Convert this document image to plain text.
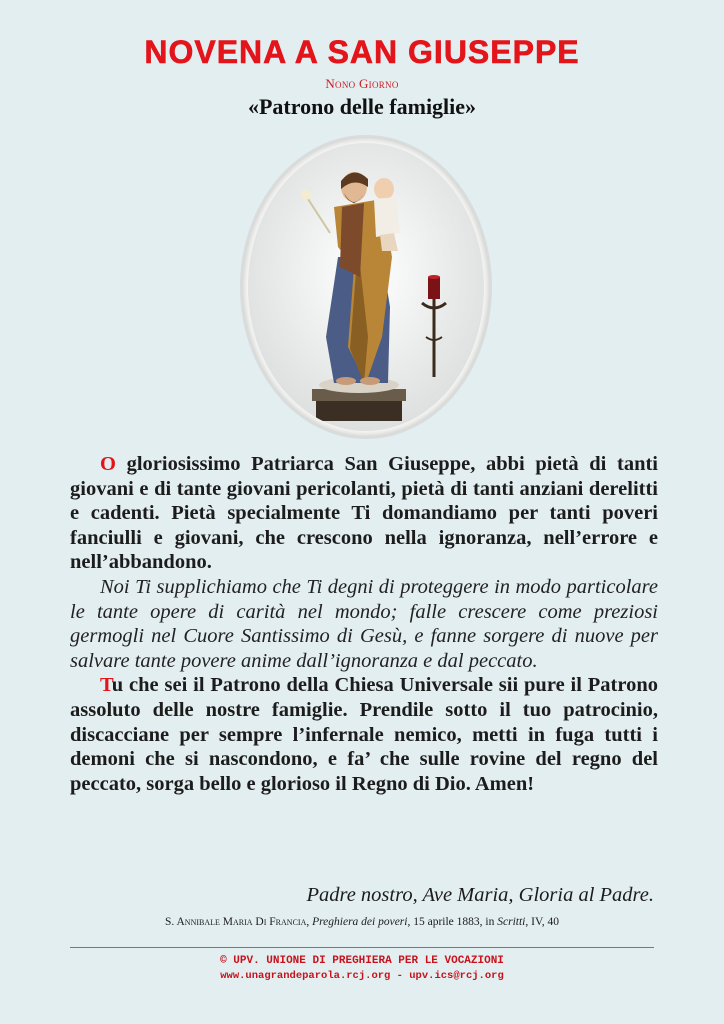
NOVENA A SAN GIUSEPPE
Nono Giorno
«Patrono delle famiglie»

O gloriosissimo Patriarca San Giuseppe, abbi pietà di tanti giovani e di tante giovani pericolanti, pietà di tanti anziani derelitti e cadenti. Pietà specialmente Ti domandiamo per tanti poveri fanciulli e giovani, che crescono nella ignoranza, nell’errore e nell’abbandono.

Noi Ti supplichiamo che Ti degni di proteggere in modo particolare le tante opere di carità nel mondo; falle crescere come preziosi germogli nel Cuore Santissimo di Gesù, e fanne sorgere di nuove per salvare tante povere anime dall’ignoranza e dal peccato.

Tu che sei il Patrono della Chiesa Universale sii pure il Patrono assoluto delle nostre famiglie. Prendile sotto il tuo patrocinio, discacciane per sempre l’infernale nemico, metti in fuga tutti i demoni che si nascondono, e fa’ che sulle rovine del regno del peccato, sorga bello e glorioso il Regno di Dio. Amen!

Padre nostro, Ave Maria, Gloria al Padre.
S. Annibale Maria Di Francia, Preghiera dei poveri, 15 aprile 1883, in Scritti, IV, 40
© UPV. UNIONE DI PREGHIERA PER LE VOCAZIONI
www.unagrandeparola.rcj.org - upv.ics@rcj.org
